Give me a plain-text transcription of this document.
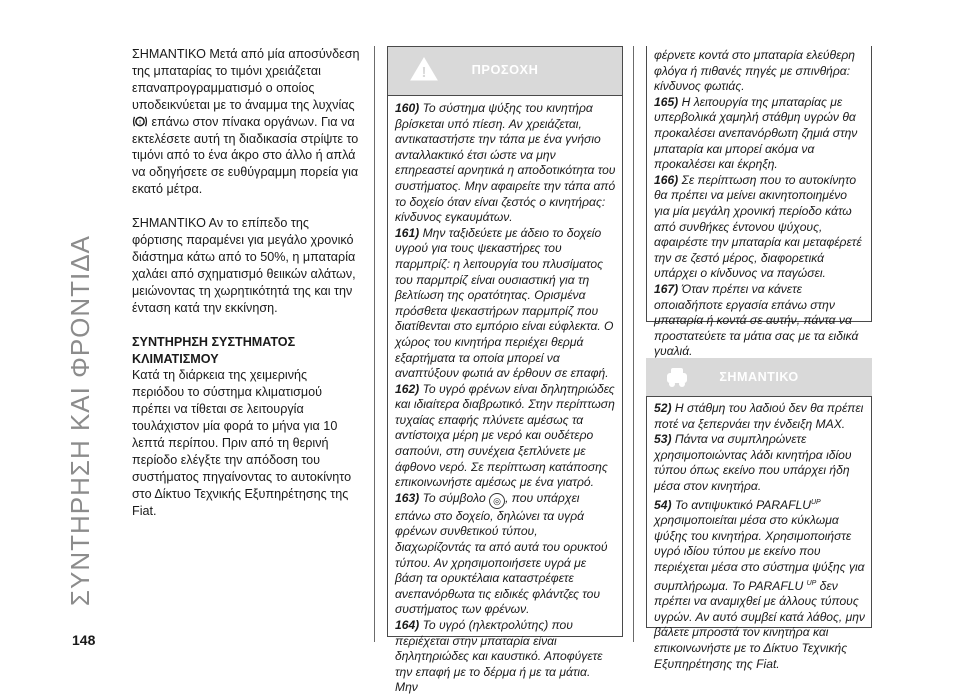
ΣΥΝΤΗΡΗΣΗ ΚΑΙ ΦΡΟΝΤΙΔΑ
148

ΣΗΜΑΝΤΙΚΟ Μετά από μία αποσύνδεση της μπαταρίας το τιμόνι χρειάζεται επαναπρογραμματισμό ο οποίος υποδεικνύεται με το άναμμα της λυχνίας
! επάνω στον πίνακα οργάνων. Για να εκτελέσετε αυτή τη διαδικασία στρίψτε το τιμόνι από το ένα άκρο στο άλλο ή απλά να οδηγήσετε σε ευθύγραμμη πορεία για εκατό μέτρα.

ΣΗΜΑΝΤΙΚΟ Αν το επίπεδο της φόρτισης παραμένει για μεγάλο χρονικό διάστημα κάτω από το 50%, η μπαταρία χαλάει από σχηματισμό θειικών αλάτων, μειώνοντας τη χωρητικότητά της και την ένταση κατά την εκκίνηση.

ΣΥΝΤΗΡΗΣΗ ΣΥΣΤΗΜΑΤΟΣ ΚΛΙΜΑΤΙΣΜΟΥ

Κατά τη διάρκεια της χειμερινής περιόδου το σύστημα κλιματισμού πρέπει να τίθεται σε λειτουργία τουλάχιστον μία φορά το μήνα για 10 λεπτά περίπου. Πριν από τη θερινή περίοδο ελέγξτε την απόδοση του συστήματος πηγαίνοντας το αυτοκίνητο στο Δίκτυο Τεχνικής Εξυπηρέτησης της Fiat.

!	ΠΡΟΣΟΧΗ

160) Το σύστημα ψύξης του κινητήρα βρίσκεται υπό πίεση. Αν χρειάζεται, αντικαταστήστε την τάπα με ένα γνήσιο ανταλλακτικό έτσι ώστε να μην επηρεαστεί αρνητικά η αποδοτικότητα του συστήματος. Μην αφαιρείτε την τάπα από το δοχείο όταν είναι ζεστός ο κινητήρας: κίνδυνος εγκαυμάτων.

161) Μην ταξιδεύετε με άδειο το δοχείο υγρού για τους ψεκαστήρες του παρμπρίζ: η λειτουργία του πλυσίματος του παρμπρίζ είναι ουσιαστική για τη βελτίωση της ορατότητας. Ορισμένα πρόσθετα ψεκαστήρων παρμπρίζ που διατίθενται στο εμπόριο είναι εύφλεκτα. Ο χώρος του κινητήρα περιέχει θερμά εξαρτήματα τα οποία μπορεί να αναπτύξουν φωτιά αν έρθουν σε επαφή.

162) Το υγρό φρένων είναι δηλητηριώδες και ιδιαίτερα διαβρωτικό. Στην περίπτωση τυχαίας επαφής πλύνετε αμέσως τα αντίστοιχα μέρη με νερό και ουδέτερο σαπούνι, στη συνέχεια ξεπλύνετε με άφθονο νερό. Σε περίπτωση κατάποσης επικοινωνήστε αμέσως με ένα γιατρό.

163) Το σύμβολο ◎ , που υπάρχει επάνω στο δοχείο, δηλώνει τα υγρά φρένων συνθετικού τύπου, διαχωρίζοντάς τα από αυτά του ορυκτού τύπου. Αν χρησιμοποιήσετε υγρά με βάση τα ορυκτέλαια καταστρέφετε ανεπανόρθωτα τις ειδικές φλάντζες του συστήματος των φρένων.

164) Το υγρό (ηλεκτρολύτης) που περιέχεται στην μπαταρία είναι δηλητηριώδες και καυστικό. Αποφύγετε την επαφή με το δέρμα ή με τα μάτια. Μην

φέρνετε κοντά στο μπαταρία ελεύθερη φλόγα ή πιθανές πηγές με σπινθήρα: κίνδυνος φωτιάς.

165) Η λειτουργία της μπαταρίας με υπερβολικά χαμηλή στάθμη υγρών θα προκαλέσει ανεπανόρθωτη ζημιά στην μπαταρία και μπορεί ακόμα να προκαλέσει και έκρηξη.

166) Σε περίπτωση που το αυτοκίνητο θα πρέπει να μείνει ακινητοποιημένο για μία μεγάλη χρονική περίοδο κάτω από συνθήκες έντονου ψύχους, αφαιρέστε την μπαταρία και μεταφέρετέ την σε ζεστό μέρος, διαφορετικά υπάρχει ο κίνδυνος να παγώσει.

167) Όταν πρέπει να κάνετε οποιαδήποτε εργασία επάνω στην μπαταρία ή κοντά σε αυτήν, πάντα να προστατεύετε τα μάτια σας με τα ειδικά γυαλιά.

ΣΗΜΑΝΤΙΚΟ

52) Η στάθμη του λαδιού δεν θα πρέπει ποτέ να ξεπερνάει την ένδειξη MAX.

53) Πάντα να συμπληρώνετε χρησιμοποιώντας λάδι κινητήρα ιδίου τύπου όπως εκείνο που υπάρχει ήδη μέσα στον κινητήρα.

54) Το αντιψυκτικό $PARAFLU^{UP}$ χρησιμοποιείται μέσα στο κύκλωμα ψύξης του κινητήρα. Χρησιμοποιήστε υγρό ιδίου τύπου με εκείνο που περιέχεται μέσα στο σύστημα ψύξης για συμπλήρωμα. Το PARAFLU $^{UP}$ δεν πρέπει να αναμιχθεί με άλλους τύπους υγρών. Αν αυτό συμβεί κατά λάθος, μην βάλετε μπροστά τον κινητήρα και επικοινωνήστε με το Δίκτυο Τεχνικής Εξυπηρέτησης της Fiat.
